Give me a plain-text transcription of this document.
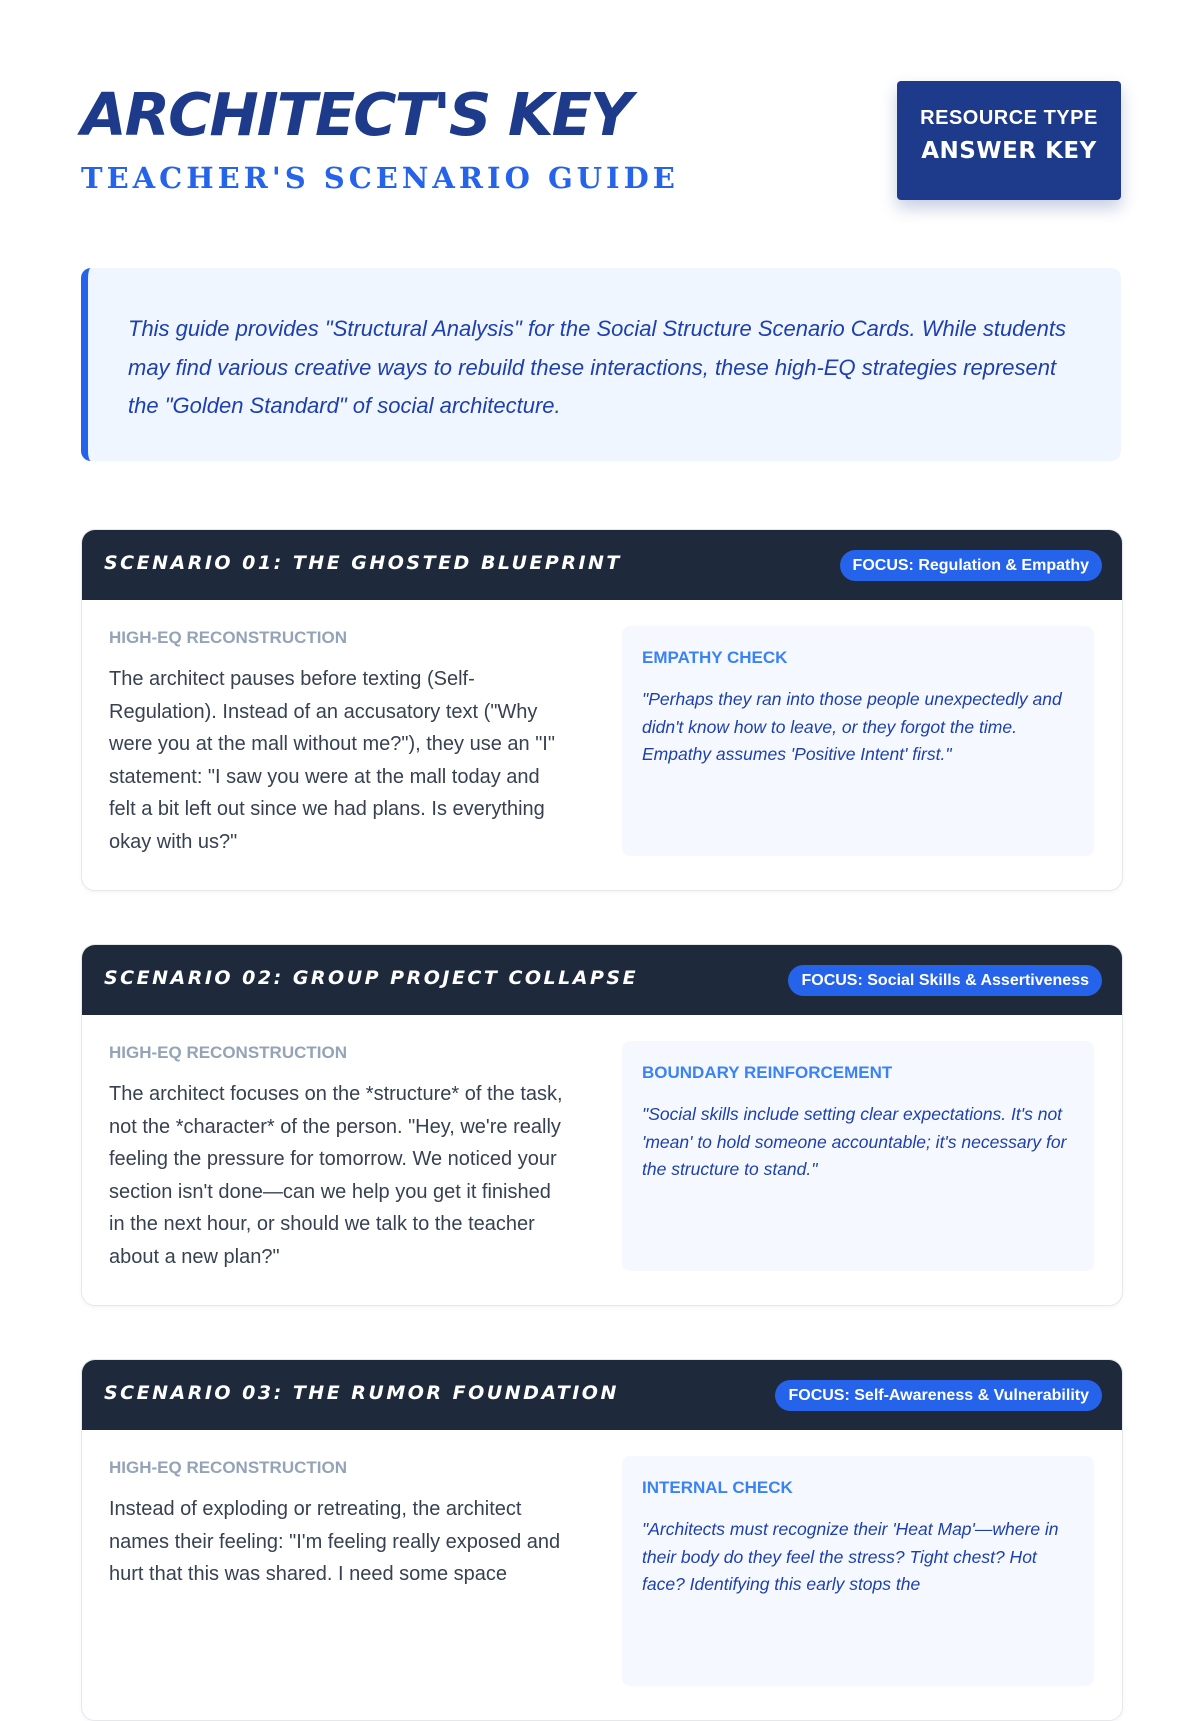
ARCHITECT'S KEY
TEACHER'S SCENARIO GUIDE
RESOURCE TYPE
ANSWER KEY

This guide provides "Structural Analysis" for the Social Structure Scenario Cards. While students may find various creative ways to rebuild these interactions, these high-EQ strategies represent the "Golden Standard" of social architecture.

SCENARIO 01: THE GHOSTED BLUEPRINT	FOCUS: Regulation & Empathy

HIGH-EQ RECONSTRUCTION

The architect pauses before texting (Self-Regulation). Instead of an accusatory text ("Why were you at the mall without me?"), they use an "I" statement: "I saw you were at the mall today and felt a bit left out since we had plans. Is everything okay with us?"

EMPATHY CHECK

"Perhaps they ran into those people unexpectedly and didn't know how to leave, or they forgot the time. Empathy assumes 'Positive Intent' first."

SCENARIO 02: GROUP PROJECT COLLAPSE	FOCUS: Social Skills & Assertiveness

HIGH-EQ RECONSTRUCTION

The architect focuses on the *structure* of the task, not the *character* of the person. "Hey, we're really feeling the pressure for tomorrow. We noticed your section isn't done—can we help you get it finished in the next hour, or should we talk to the teacher about a new plan?"

BOUNDARY REINFORCEMENT

"Social skills include setting clear expectations. It's not 'mean' to hold someone accountable; it's necessary for the structure to stand."

SCENARIO 03: THE RUMOR FOUNDATION	FOCUS: Self-Awareness & Vulnerability

HIGH-EQ RECONSTRUCTION

Instead of exploding or retreating, the architect names their feeling: "I'm feeling really exposed and hurt that this was shared. I need some space

INTERNAL CHECK

"Architects must recognize their 'Heat Map'—where in their body do they feel the stress? Tight chest? Hot face? Identifying this early stops the
